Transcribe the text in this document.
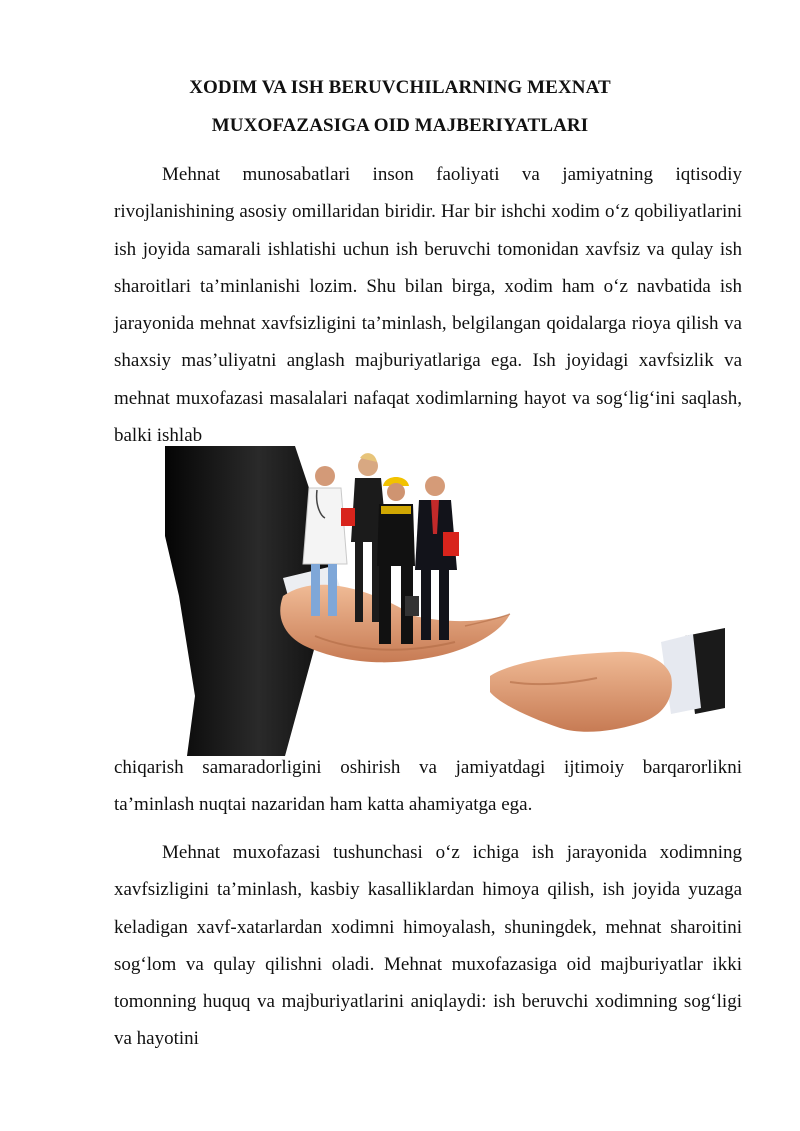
XODIM VA ISH BERUVCHILARNING MEXNAT
MUXOFAZASIGA OID MAJBERIYATLARI

Mehnat munosabatlari inson faoliyati va jamiyatning iqtisodiy rivojlanishining asosiy omillaridan biridir. Har bir ishchi xodim o‘z qobiliyatlarini ish joyida samarali ishlatishi uchun ish beruvchi tomonidan xavfsiz va qulay ish sharoitlari ta’minlanishi lozim. Shu bilan birga, xodim ham o‘z navbatida ish jarayonida mehnat xavfsizligini ta’minlash, belgilangan qoidalarga rioya qilish va shaxsiy mas’uliyatni anglash majburiyatlariga ega. Ish joyidagi xavfsizlik va mehnat muxofazasi masalalari nafaqat xodimlarning hayot va sog‘lig‘ini saqlash, balki ishlab

chiqarish samaradorligini oshirish va jamiyatdagi ijtimoiy barqarorlikni ta’minlash nuqtai nazaridan ham katta ahamiyatga ega.

Mehnat muxofazasi tushunchasi o‘z ichiga ish jarayonida xodimning xavfsizligini ta’minlash, kasbiy kasalliklardan himoya qilish, ish joyida yuzaga keladigan xavf-xatarlardan xodimni himoyalash, shuningdek, mehnat sharoitini sog‘lom va qulay qilishni oladi. Mehnat muxofazasiga oid majburiyatlar ikki tomonning huquq va majburiyatlarini aniqlaydi: ish beruvchi xodimning sog‘ligi va hayotini
